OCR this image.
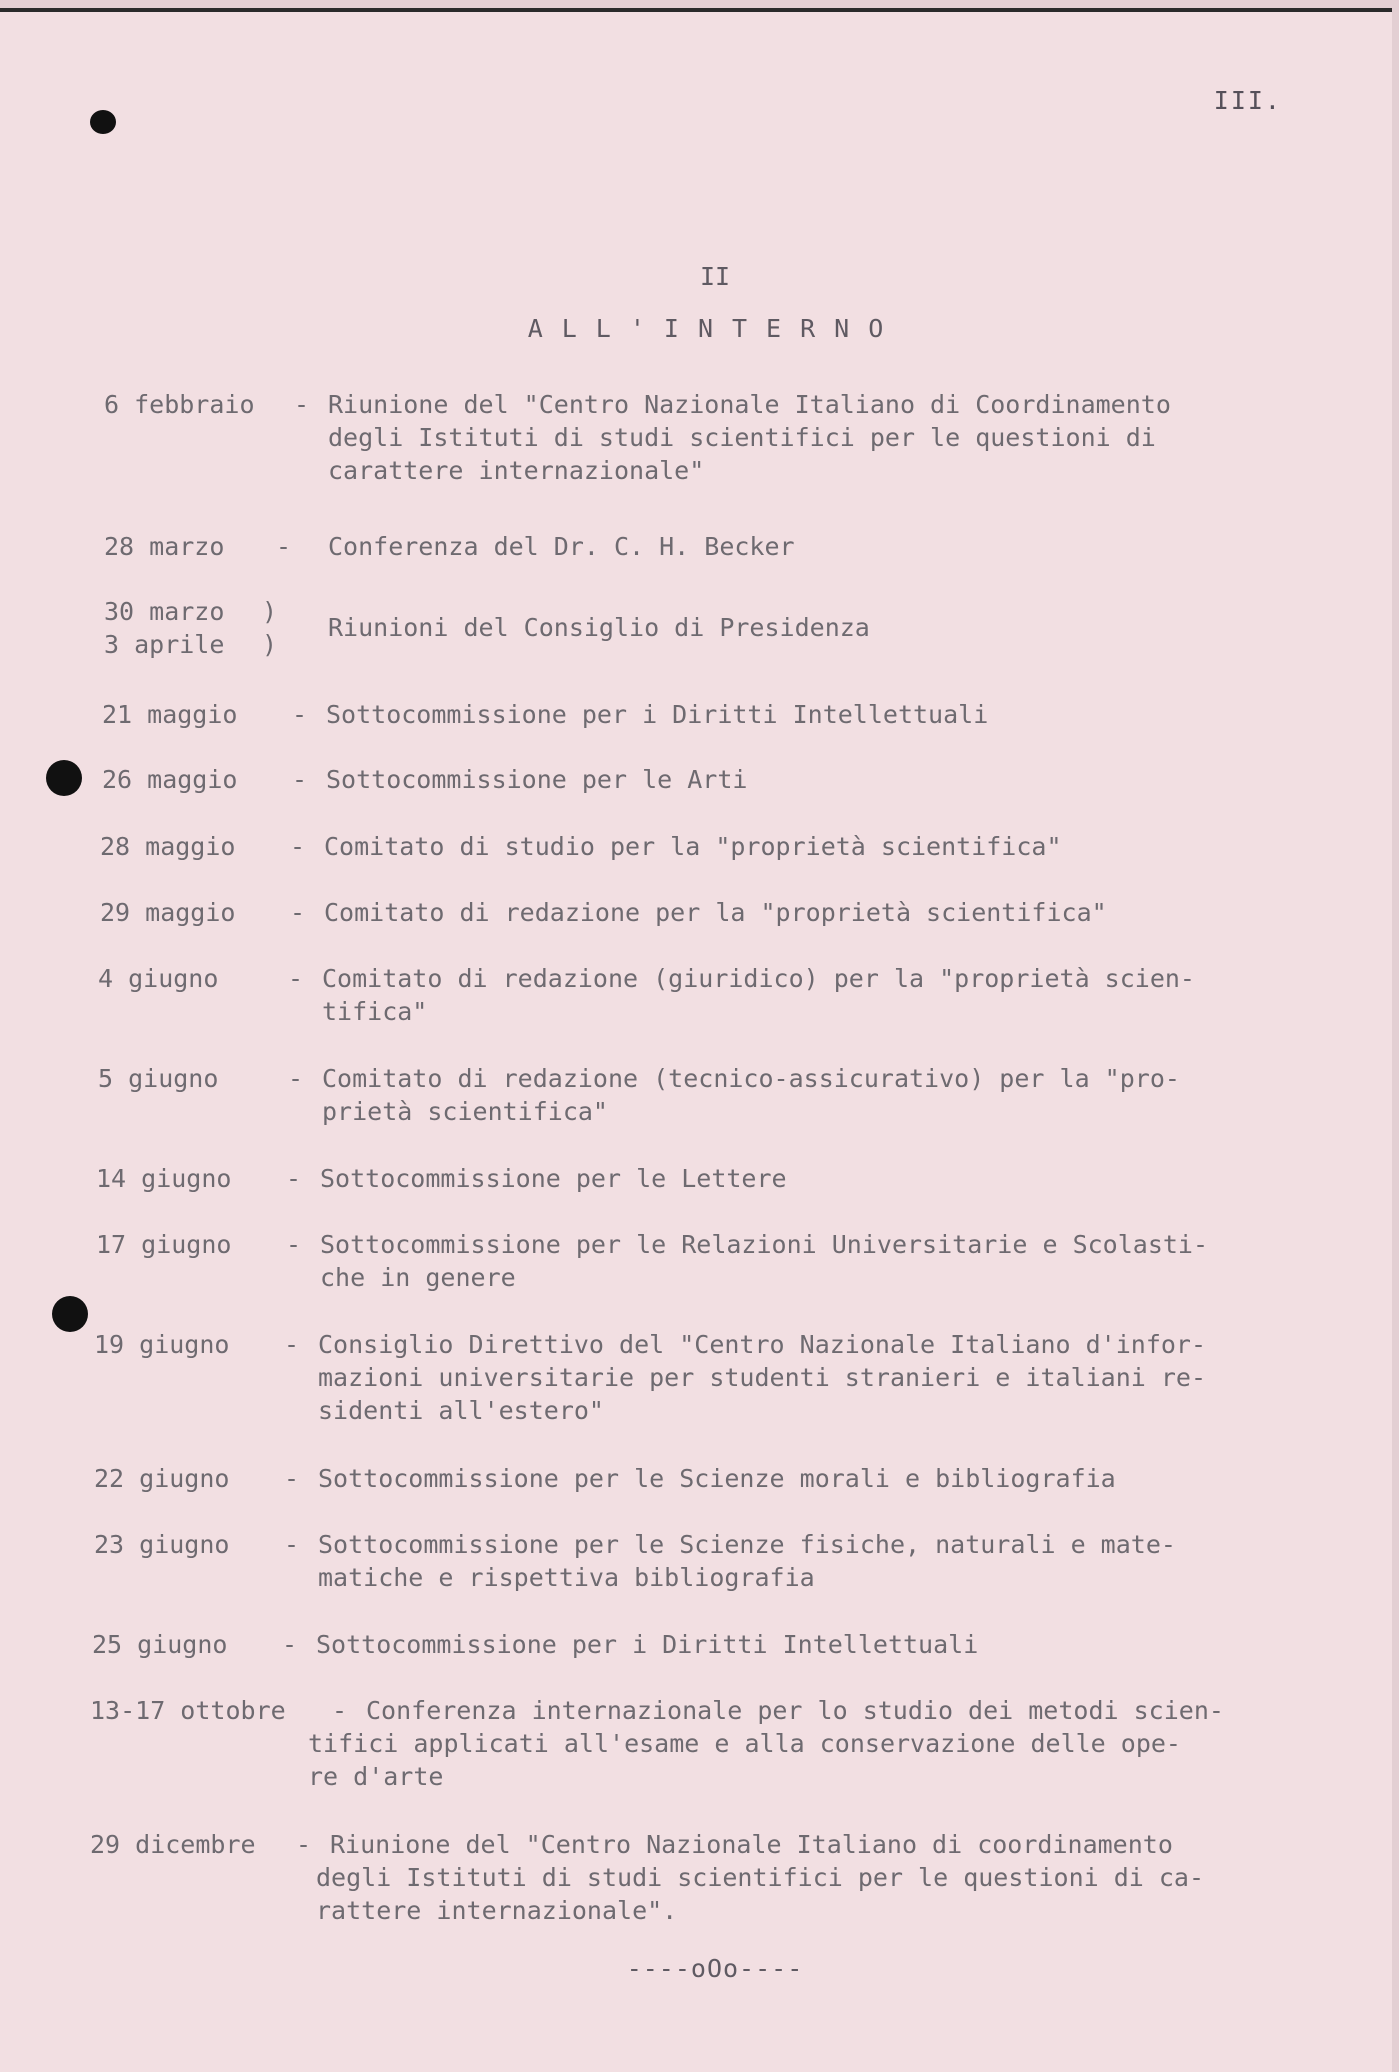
III.
II
ALL'INTERNO
6 febbraio - Riunione del "Centro Nazionale Italiano di Coordinamento
degli Istituti di studi scientifici per le questioni di
carattere internazionale"
28 marzo - Conferenza del Dr. C. H. Becker
30 marzo )
3 aprile )
Riunioni del Consiglio di Presidenza
21 maggio - Sottocommissione per i Diritti Intellettuali
26 maggio - Sottocommissione per le Arti
28 maggio - Comitato di studio per la "proprietà scientifica"
29 maggio - Comitato di redazione per la "proprietà scientifica"
4 giugno	- Comitato di redazione (giuridico) per la "proprietà scien-
tifica"
5 giugno	- Comitato di redazione (tecnico-assicurativo) per la "pro-
prietà scientifica"
14 giugno - Sottocommissione per le Lettere
17 giugno - Sottocommissione per le Relazioni Universitarie e Scolasti-
che in genere
19 giugno - Consiglio Direttivo del "Centro Nazionale Italiano d'infor-
mazioni universitarie per studenti stranieri e italiani re-
sidenti all'estero"
22 giugno - Sottocommissione per le Scienze morali e bibliografia
23 giugno - Sottocommissione per le Scienze fisiche, naturali e mate-
matiche e rispettiva bibliografia
25 giugno - Sottocommissione per i Diritti Intellettuali
13-17 ottobre - Conferenza internazionale per lo studio dei metodi scien-
tifici applicati all'esame e alla conservazione delle ope-
re d'arte
29 dicembre - Riunione del "Centro Nazionale Italiano di coordinamento
degli Istituti di studi scientifici per le questioni di ca-
rattere internazionale".
----oOo----
